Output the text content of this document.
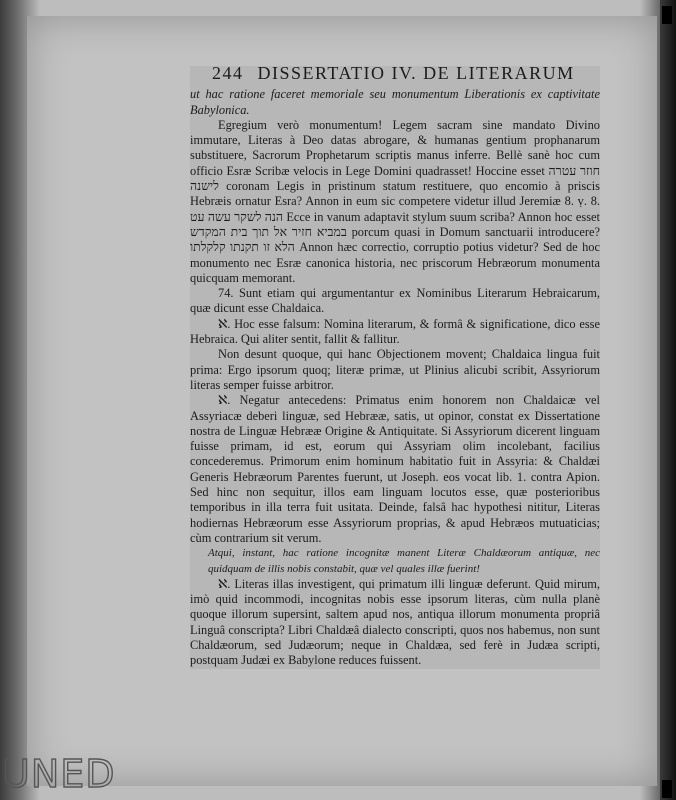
244 DISSERTATIO IV. DE LITERARUM

ut hac ratione faceret memoriale seu monumentum Liberationis ex captivitate Babylonica.

Egregium verò monumentum! Legem sacram sine mandato Divino immutare, Literas à Deo datas abrogare, & humanas gentium prophanarum substituere, Sacrorum Prophetarum scriptis manus inferre. Bellè sanè hoc cum officio Esræ Scribæ velocis in Lege Domini quadrasset! Hoccine esset חוזר עטרה לישנה coronam Legis in pristinum statum restituere, quo encomio à priscis Hebræis ornatur Esra? Annon in eum sic competere videtur illud Jeremiæ 8. ṿ. 8. הנה לשקר עשה עט Ecce in vanum adaptavit stylum suum scriba? Annon hoc esset במביא חזיר אל תוך בית המקדש porcum quasi in Domum sanctuarii introducere? הלא זו תקנתו קלקלתו Annon hæc correctio, corruptio potius videtur? Sed de hoc monumento nec Esræ canonica historia, nec priscorum Hebræorum monumenta quicquam memorant.

74. Sunt etiam qui argumentantur ex Nominibus Literarum Hebraicarum, quæ dicunt esse Chaldaica.

ℵ. Hoc esse falsum: Nomina literarum, & formâ & significatione, dico esse Hebraica. Qui aliter sentit, fallit & fallitur.

Non desunt quoque, qui hanc Objectionem movent; Chaldaica lingua fuit prima: Ergo ipsorum quoq; literæ primæ, ut Plinius alicubi scribit, Assyriorum literas semper fuisse arbitror.

ℵ. Negatur antecedens: Primatus enim honorem non Chaldaicæ vel Assyriacæ deberi linguæ, sed Hebrææ, satis, ut opinor, constat ex Dissertatione nostra de Linguæ Hebrææ Origine & Antiquitate. Si Assyriorum dicerent linguam fuisse primam, id est, eorum qui Assyriam olim incolebant, facilius concederemus. Primorum enim hominum habitatio fuit in Assyria: & Chaldæi Generis Hebræorum Parentes fuerunt, ut Joseph. eos vocat lib. 1. contra Apion. Sed hinc non sequitur, illos eam linguam locutos esse, quæ posterioribus temporibus in illa terra fuit usitata. Deinde, falsâ hac hypothesi nititur, Literas hodiernas Hebræorum esse Assyriorum proprias, & apud Hebræos mutuaticias; cùm contrarium sit verum.

Atqui, instant, hac ratione incognitæ manent Literæ Chaldæorum antiquæ, nec quidquam de illis nobis constabit, quæ vel quales illæ fuerint!

ℵ. Literas illas investigent, qui primatum illi linguæ deferunt. Quid mirum, imò quid incommodi, incognitas nobis esse ipsorum literas, cùm nulla planè quoque illorum supersint, saltem apud nos, antiqua illorum monumenta propriâ Linguâ conscripta? Libri Chaldæâ dialecto conscripti, quos nos habemus, non sunt Chaldæorum, sed Judæorum; neque in Chaldæa, sed ferè in Judæa scripti, postquam Judæi ex Babylone reduces fuissent.

UNED
